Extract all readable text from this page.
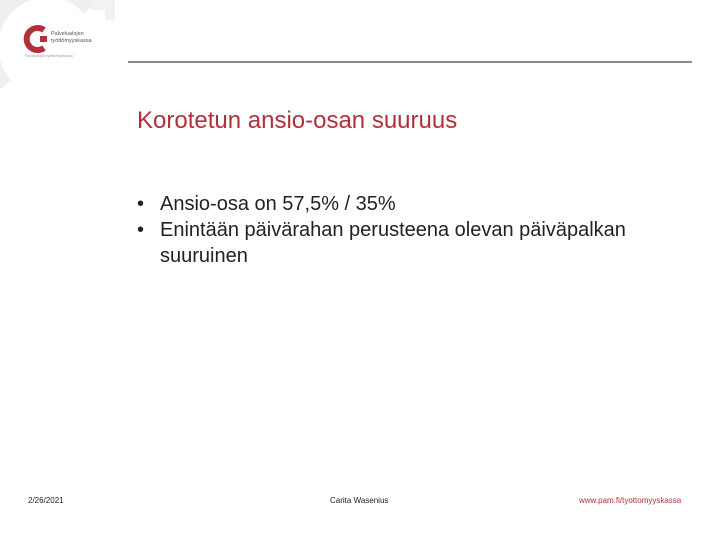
Palvelualojen
työttömyyskassa
Palvelualojen työttömyyskassa
Korotetun ansio-osan suuruus
• Ansio-osa on 57,5% / 35%
• Enintään päivärahan perusteena olevan päiväpalkan suuruinen
2/26/2021	Carita Wasenius	www.pam.fi/tyottomyyskassa
